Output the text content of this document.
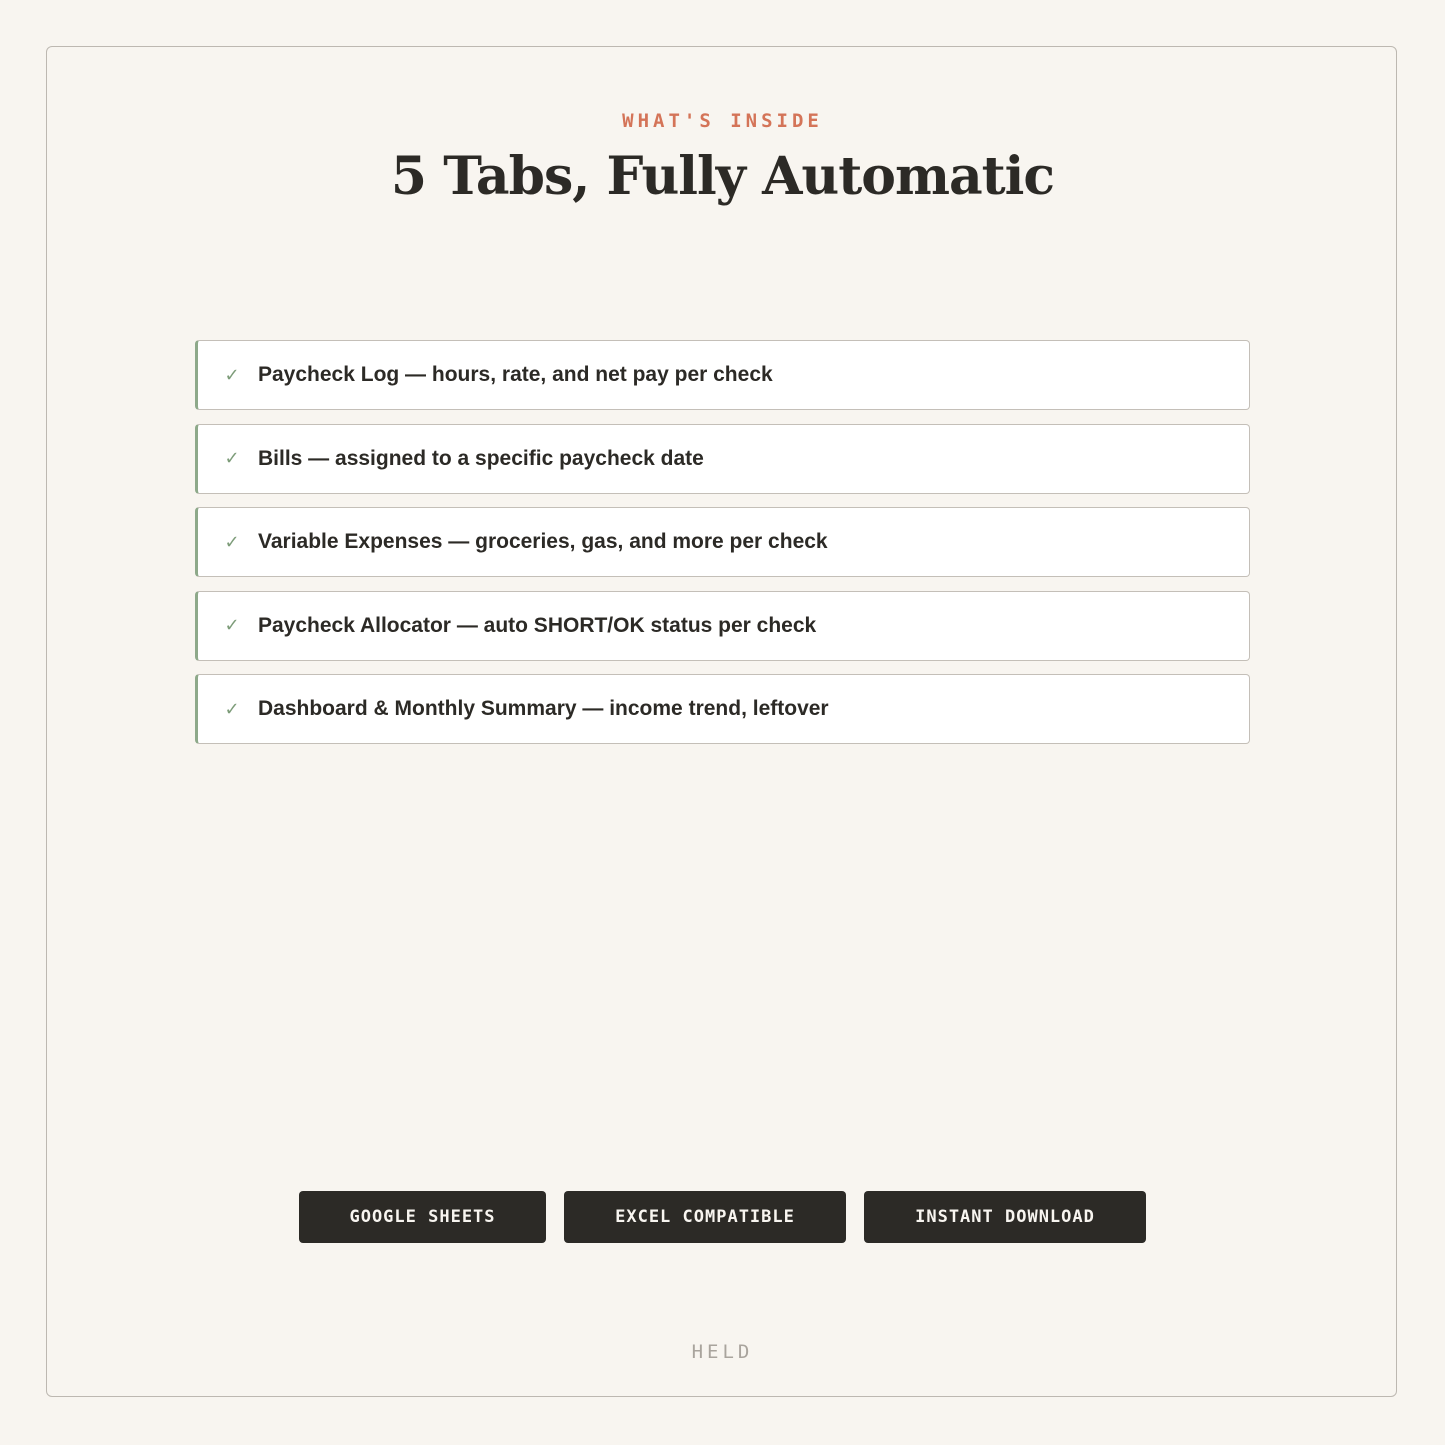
WHAT'S INSIDE
5 Tabs, Fully Automatic
✓ Paycheck Log — hours, rate, and net pay per check
✓ Bills — assigned to a specific paycheck date
✓ Variable Expenses — groceries, gas, and more per check
✓ Paycheck Allocator — auto SHORT/OK status per check
✓ Dashboard & Monthly Summary — income trend, leftover
GOOGLE SHEETS	EXCEL COMPATIBLE	INSTANT DOWNLOAD
HELD
